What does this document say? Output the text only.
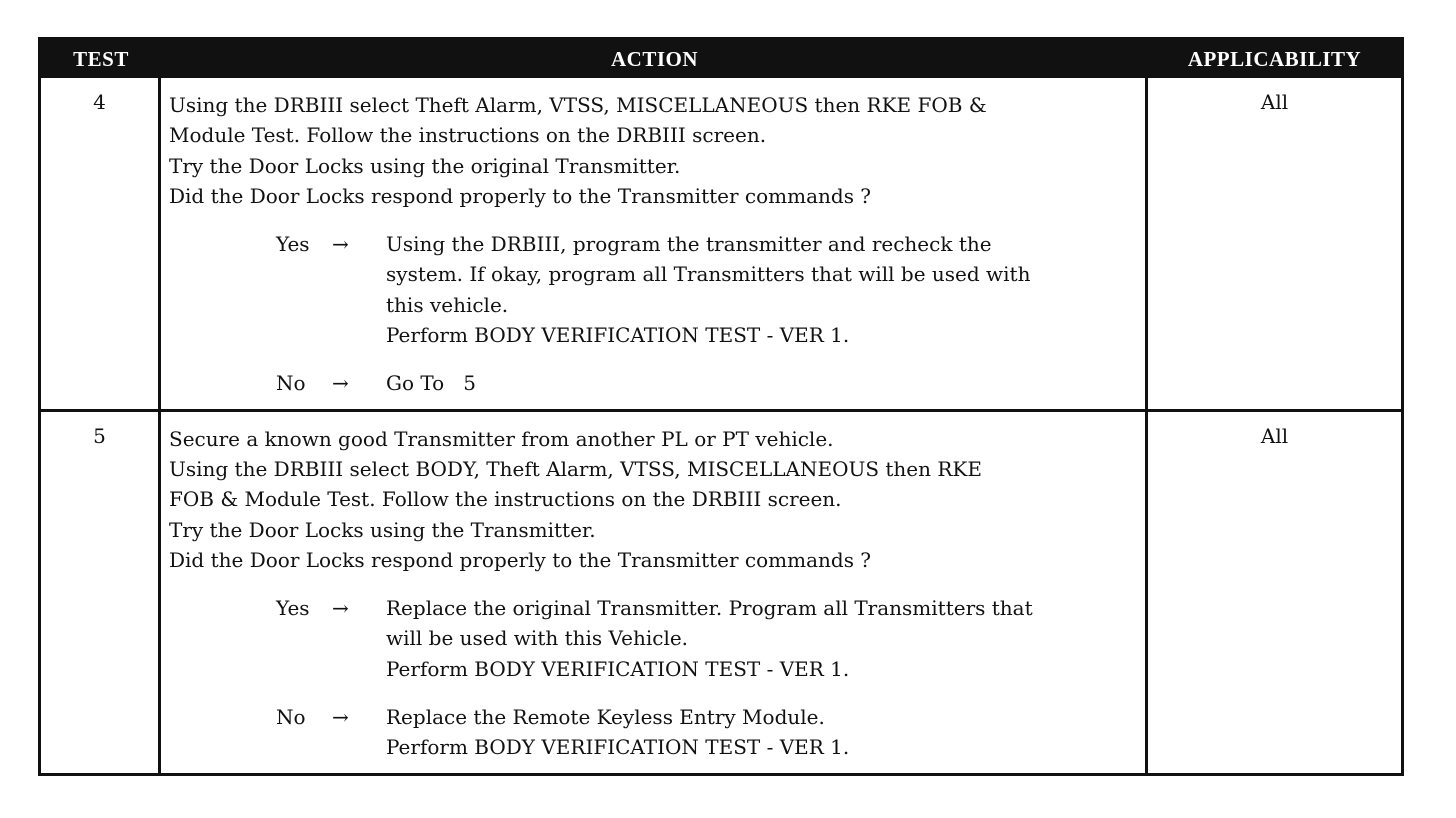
TEST	ACTION	APPLICABILITY
4	Using the DRBIII select Theft Alarm, VTSS, MISCELLANEOUS then RKE FOB &
Module Test. Follow the instructions on the DRBIII screen.
Try the Door Locks using the original Transmitter.
Did the Door Locks respond properly to the Transmitter commands ?
Yes	→	Using the DRBIII, program the transmitter and recheck the
system. If okay, program all Transmitters that will be used with
this vehicle.
Perform BODY VERIFICATION TEST - VER 1.
No	→	Go To   5
All
5	Secure a known good Transmitter from another PL or PT vehicle.
Using the DRBIII select BODY, Theft Alarm, VTSS, MISCELLANEOUS then RKE
FOB & Module Test. Follow the instructions on the DRBIII screen.
Try the Door Locks using the Transmitter.
Did the Door Locks respond properly to the Transmitter commands ?
Yes	→	Replace the original Transmitter. Program all Transmitters that
will be used with this Vehicle.
Perform BODY VERIFICATION TEST - VER 1.
No	→	Replace the Remote Keyless Entry Module.
Perform BODY VERIFICATION TEST - VER 1.
All
